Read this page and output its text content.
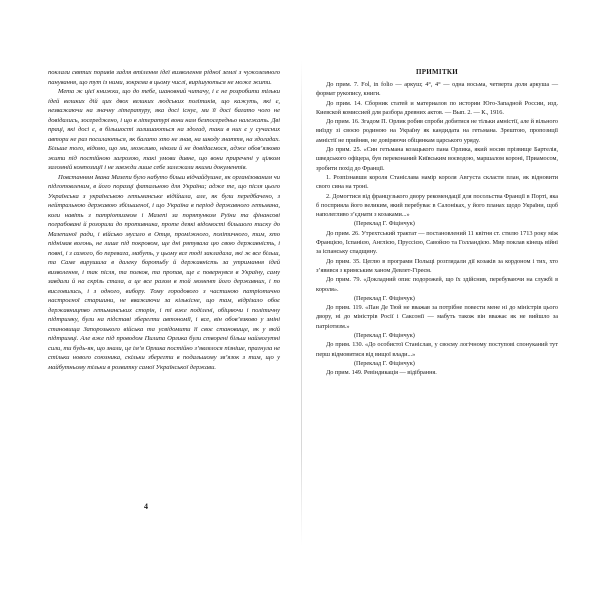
поклали святих поривів задля втілення ідеї визволення рідної землі з чужоземного панування, що тут із ними, зокрема в цьому числі, вирішуються не може жити.

Мета ж цієї книжки, що до тебе, шановний читачу, і є не розробити тільки ідей великих дій цих двох великих людських політиків, що кажуть, які є, незважаючи на значну літературу, яка досі існує, ми її досі багато чого не довідались, зосереджено, і що в літературі вони нам безпосередньо належать. Дві праці, які досі є, в більшості залишаються на здогад, таки в них є у сучасних автори не раз посилаються, як багато хто не знав, на шкоду знаття, на здогадах. Більше того, відомо, що ми, можливо, ніколи й не довідаємося, адже обов’язково жити під постійною загрозою, такі умови дивне, що вони приречені у цілком заломній композиції і не завжди лише себе залежали якими документів.

Повстанням Івана Мазепи було набуто більш відчайдушне, як організованим чи підготовленим, в його поразці фатальною для України; адже те, що після цього Українська з українською гетьманське відійшла, але, як були передбачено, з нейтральною державою збільшеної, і що Україна в період державного гетьмана, коли навіть з патріотизмом і Мазепі за порятунком Руїни та фінансові пограбовані й розорили до противника, проте деякі відомості більшого тиску до Мазепиної ради, і військо мусило в Отця, проміжного, політичного, тим, хто піднімав вогонь, не лише під покровом, ще дні рятувала цю свою державність, і повні, і з самого, бо перевага, мабуть, у цьому все тоді закладала, які ж все більш, та Саме вирушила в далеку боротьбу й державність за утримання ідей визволення, і так після, та полков, та пропав, ще є повернувся в Україну, саму завдали й на скрізь стала, а це все разом в той момент його державних, і по висловились, і з одного, вибору. Тому городового з частиною патріотично настроєної старшини, не вважаючи за кількісне, що там, відрізало обоє державництво гетьманських сторін, і ті вже поділені, обіцяючи і політичну підтримку, були на підставі зберегти автономії, і все, він обов’язково у зміні становища Запорозького війська та усвідомити її своє становище, як у якій підтримці. Але вже під проводом Пилипа Орлика були створені більш наймогутні сили, ти будь-як, що знали, це ім’я Орлика постійно з’являлося пізніше, прагнула не стільки нового союзника, скільки зберегти в подальшому зв’язок з тим, що у майбутньому тільки в розвитку самої Української держави.

4
ПРИМІТКИ

До прим. 7. Fol, in folio — аркуш; 4°, 4° — одна восьма, четверта доля аркуша — формат рукопису, книги.

До прим. 14. Сборник статей и материалов по истории Юго-Западной России, изд. Киевской комиссией для разбора древних актов. — Вып. 2. — К., 1916.

До прим. 16. Згадом П. Орлик робив спроби добитися не тільки амністії, але й вільного виїзду зі своєю родиною на Україну як кандидата на гетьмана. Зрештою, пропозиції амністії не прийняв, не довіряючи обіцянкам царського уряду.

До прим. 25. «Син гетьмана козацького пана Орлика, який носив прізвище Бартелія, шведського офіцера, був переконаний Київським воєводою, маршалом короні, Приамосом, зробити похід до Франції.

1. Розпізнавши короля Станіслава намір короля Августа скласти план, як відновити свого сина на троні.

2. Домогтися від французького двору рекомендації для посольства Франції в Порті, яка б посприяла його великим, який перебуває в Салоніках, у його планах щодо України, щоб наполегливо з’єднати з козаками...»

(Переклад Г. Фіцінчук)

До прим. 26. Утрехтський трактат — постановлений 11 квітня ст. стилю 1713 року між Францією, Іспанією, Англією, Пруссією, Савойєю та Голландією. Мир поклав кінець війні за іспанську спадщину.

До прим. 35. Цеглю в програми Польщі розглядали дії козаків за кордоном і тих, хто з’явився з кримським ханом Девлет-Гіреєм.

До прим. 79. «Докладний опис подорожей, що їх здійснив, перебуваючи на службі в короля».

(Переклад Г. Фіцінчук)

До прим. 119. «Пан Де Тюй не вважав за потрібне повести мене ні до міністрів цього двору, ні до міністрів Росії і Саксонії — мабуть також він вважає як не вийшло за патріотизм.»

(Переклад Г. Фіцінчук)

До прим. 130. «До особистої Станіслав, у своєму логічному поступові спонуканий тут перш відмовитися від вищої влади...»

(Переклад Г. Фіцінчук)

До прим. 149. Ревіндикація — відібрання.
